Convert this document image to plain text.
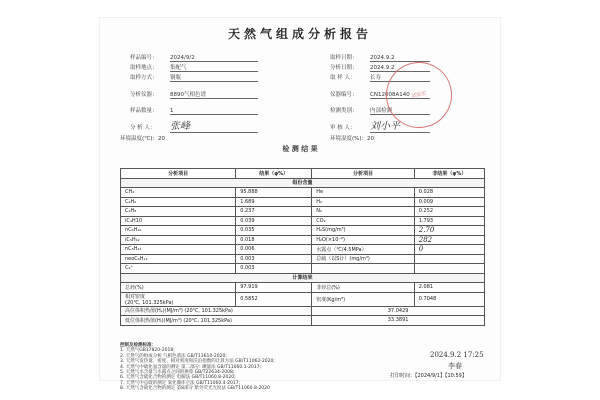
天然气组成分析报告
样品编号： 2024/9/2
取样地点： 集配气
取样方式： 钢瓶
分析仪器： 8890气相色谱
样品数量： 1
分 析 人： 张峰
取样日期： 2024.9.2
分析日期： 2024.9.2
取 样 人：	长寿
仪器编号： CN12008A140
检测类别： 内部检测
审 核 人： 刘小平
试验室
环境温度(℃)：20	环境湿度(%)：20
检 测 结 果
分析项目	结果（φ%）	分析项目	非结果（φ%）
组份含量			
CH₄	95.888	He	0.028
C₂H₆	1.689	H₂	0.009
C₃H₈	0.237	N₂	0.252
iC₄H10	0.039	CO₂	1.793
nC₄H₁₀	0.035	H₂S(mg/m³)	2.70
iC₅H₁₂	0.018	H₂O(×10⁻⁶)	282
nC₅H₁₂	0.006	水露点（℃/4.5MPa）	0
neoC₆H₁₂	0.003	总硫（以S计）(mg/m³)	
C₆⁺	0.003		
计算结果			
总烃(%)	97.919	非烃总(%)	2.081
相对密度
(20℃, 101.325kPa)	0.5852	密度(Kg/m³)	0.7048
高位体积热值(Hₛ)(MJ/m³) (20℃, 101.325kPa)		37.0429	
低位体积热值(Hᵢ)(MJ/m³) (20℃, 101.325kPa)		33.3891	
控制及检测标准：
1. 天然气GB17820-2018;
2. 天然气的组成分析 气相色谱法 GB/T13610-2020;
3. 天然气发热量、密度、相对密度和沃泊指数的计算方法 GB/T11062-2020;
4. 天然气中硫化氢含量的测定 第二部分: 碘量法 GB/T11060.1-2017;
5. 天然气水含量与水露点之间的换算 GB/T22634-2008;
6. 天然气含硫化合物的测定 电解法 GB/T11060.8-2020;
7. 天然气中总硫的测定 氧化微库仑法 GB/T11060.4-2017;
8. 天然气含硫化合物的测定 第8部分 紫外荧光光度法 GB/T11060.8-2020
2024.9.2 17:25
李春
打印时间：【2024/9/1】【10:59】
